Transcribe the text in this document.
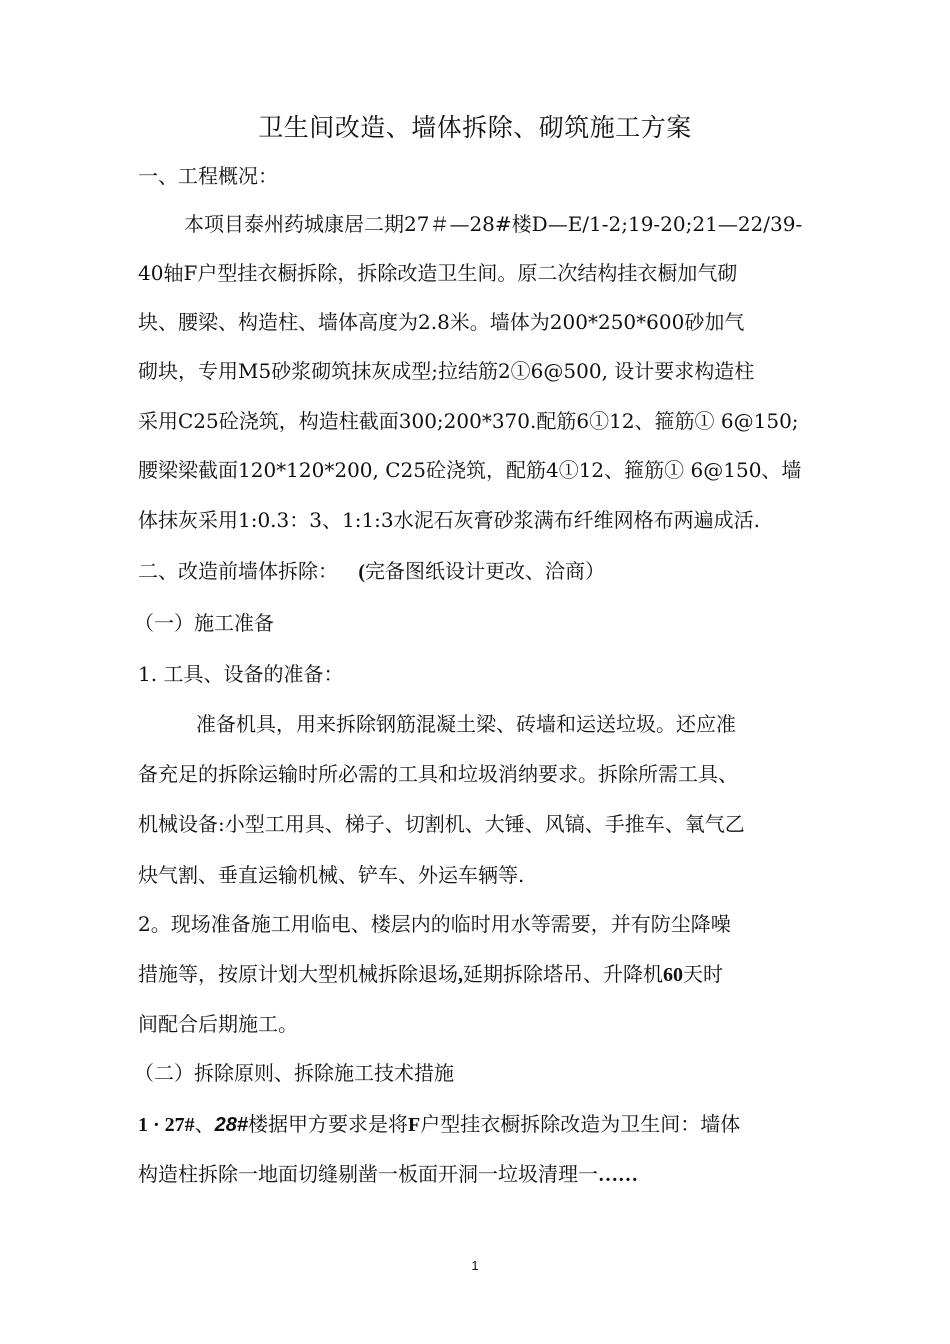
卫生间改造、墙体拆除、砌筑施工方案
一、工程概况：
本项目泰州药城康居二期27＃—28#楼D—E/1-2;19-20;21—22/39-
40轴F户型挂衣橱拆除，拆除改造卫生间。原二次结构挂衣橱加气砌
块、腰梁、构造柱、墙体高度为2.8米。墙体为200*250*600砂加气
砌块，专用M5砂浆砌筑抹灰成型;拉结筋2①6@500, 设计要求构造柱
采用C25砼浇筑，构造柱截面300;200*370.配筋6①12、箍筋① 6@150;
腰梁梁截面120*120*200, C25砼浇筑，配筋4①12、箍筋① 6@150、墙
体抹灰采用1:0.3：3、1:1:3水泥石灰膏砂浆满布纤维网格布两遍成活.
二、改造前墙体拆除： (完备图纸设计更改、洽商）
（一）施工准备
1. 工具、设备的准备：
准备机具，用来拆除钢筋混凝土梁、砖墙和运送垃圾。还应准
备充足的拆除运输时所必需的工具和垃圾消纳要求。拆除所需工具、
机械设备:小型工用具、梯子、切割机、大锤、风镐、手推车、氧气乙
炔气割、垂直运输机械、铲车、外运车辆等.
2。现场准备施工用临电、楼层内的临时用水等需要，并有防尘降噪
措施等，按原计划大型机械拆除退场,延期拆除塔吊、升降机60天时
间配合后期施工。
（二）拆除原则、拆除施工技术措施
1 · 27#、28#楼据甲方要求是将F户型挂衣橱拆除改造为卫生间：墙体
构造柱拆除一地面切缝剔凿一板面开洞一垃圾清理一……
1
